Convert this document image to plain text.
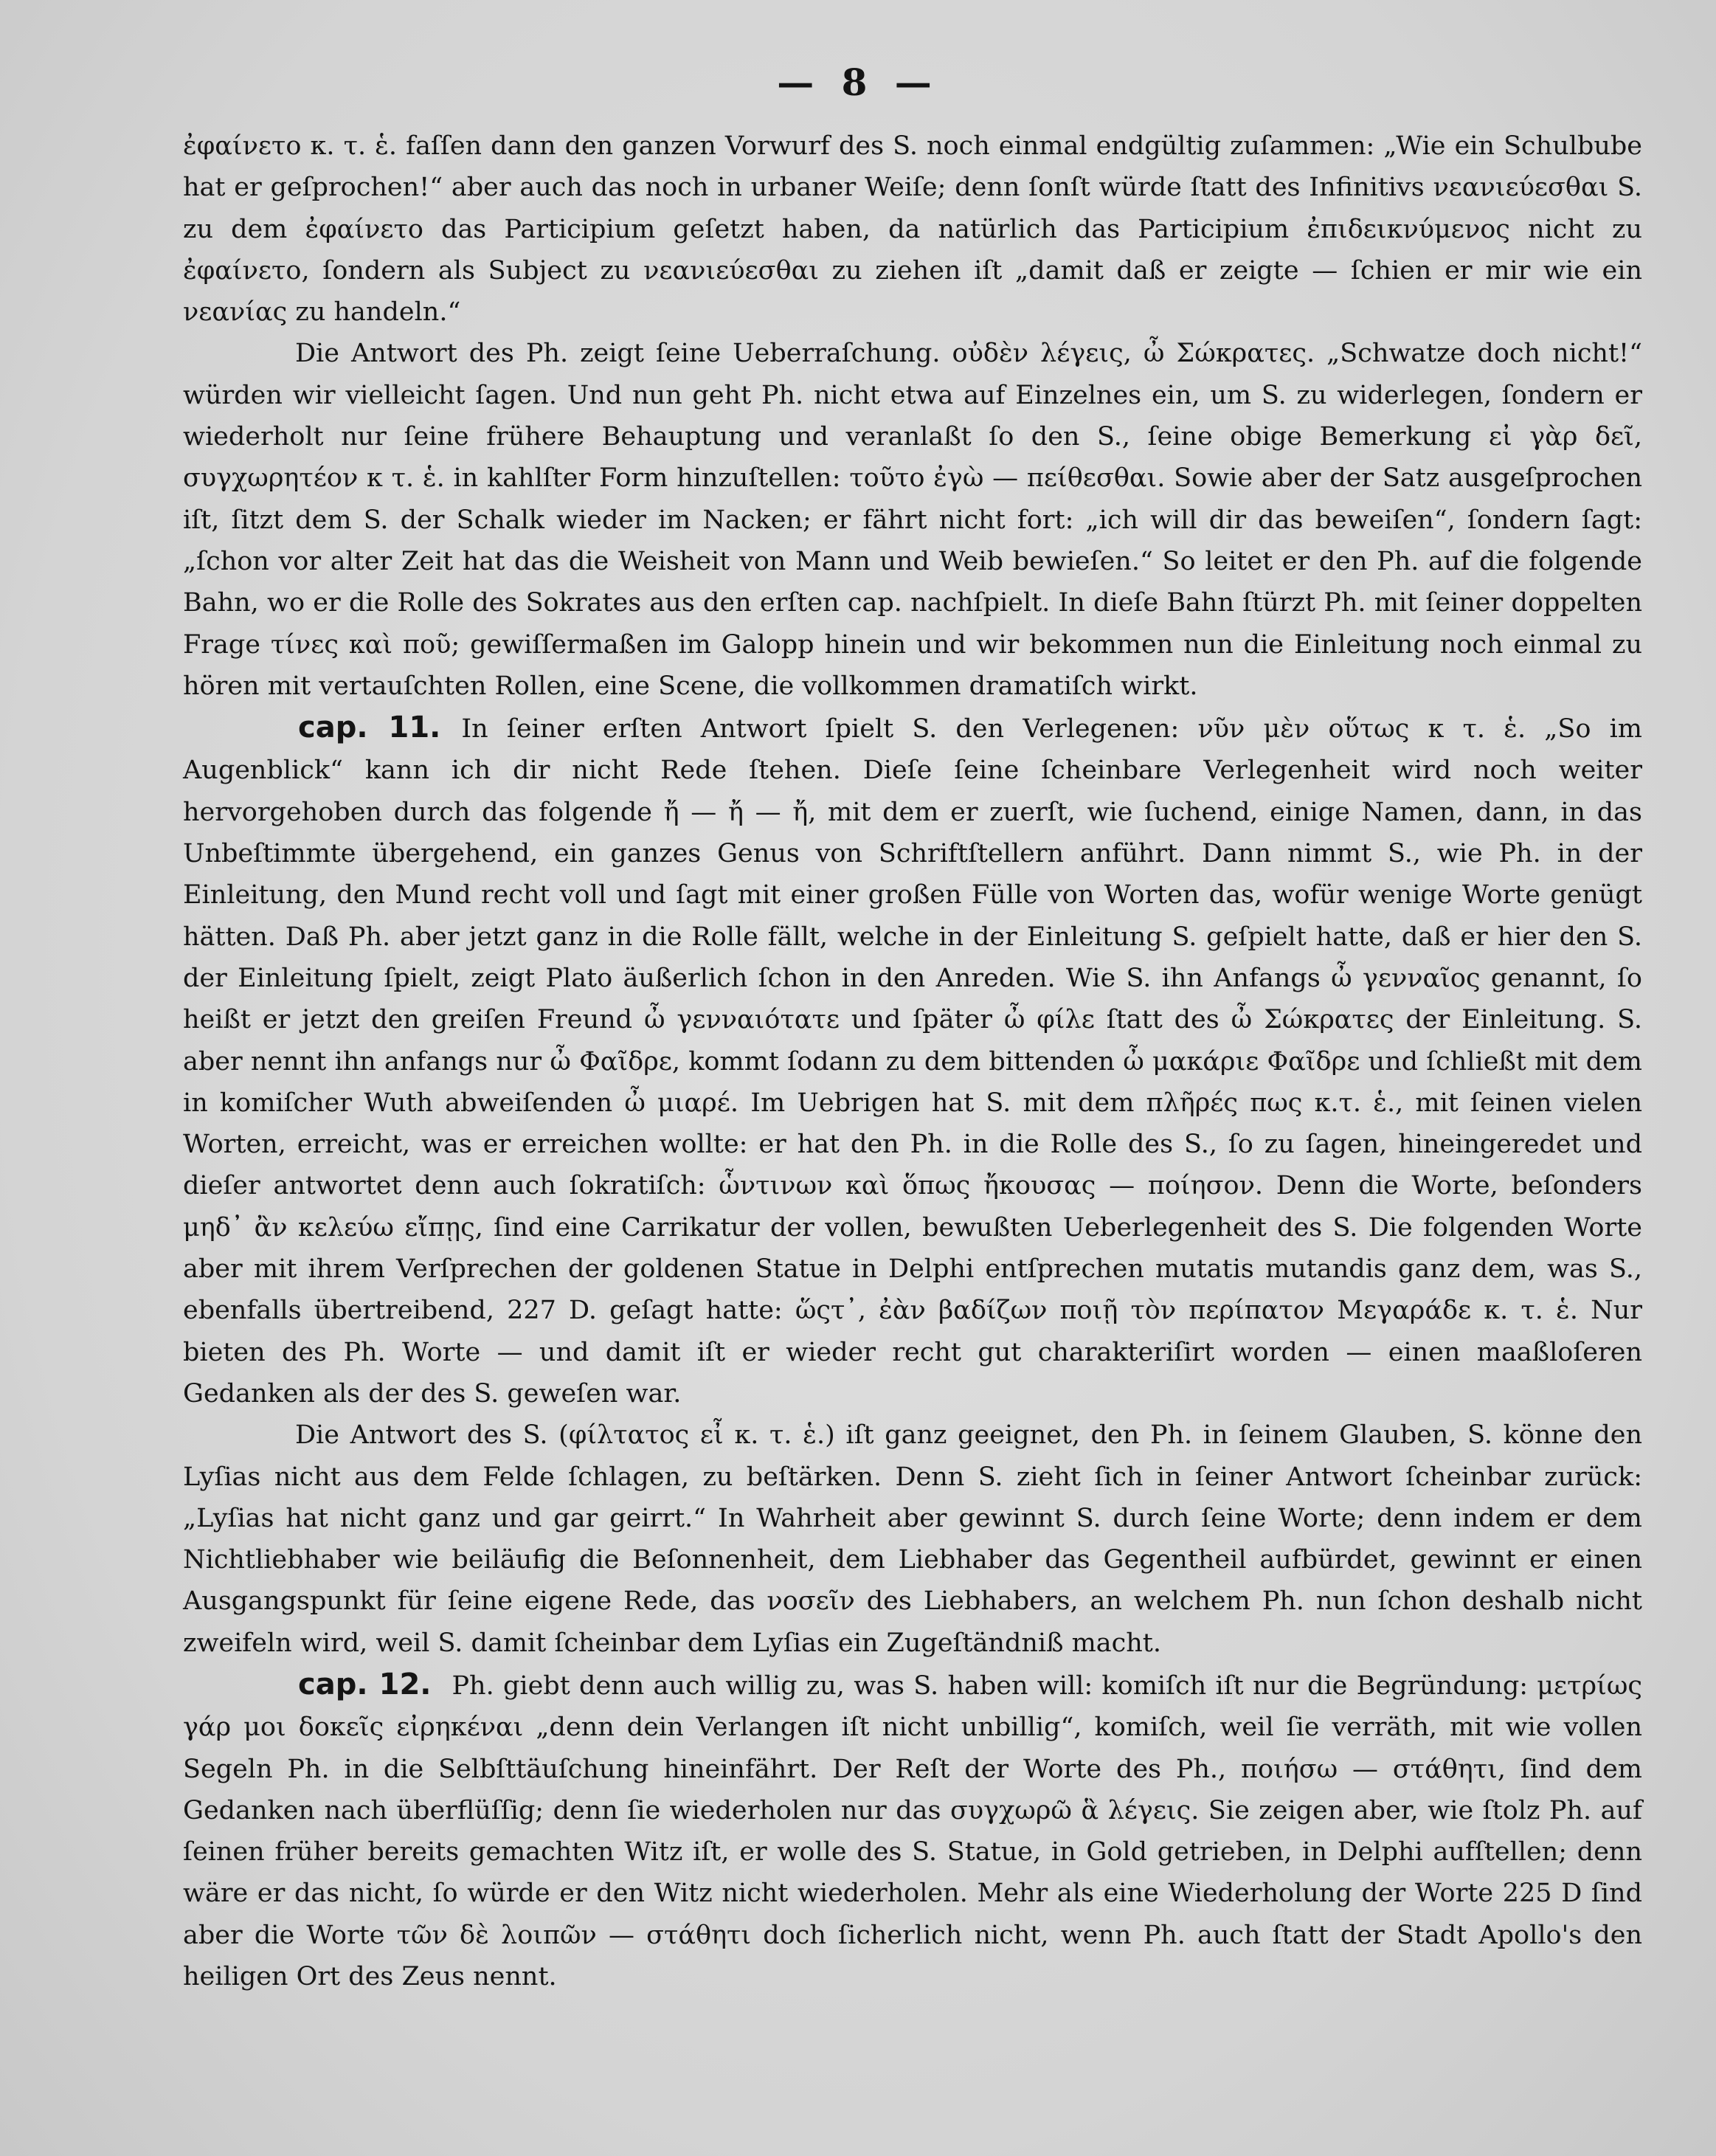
— 8 —

ἐφαίνετο κ. τ. ἑ. faſſen dann den ganzen Vorwurf des S. noch einmal endgültig zuſammen: „Wie ein Schulbube hat er geſprochen!“ aber auch das noch in urbaner Weiſe; denn ſonſt würde ſtatt des Infinitivs νεανιεύεσθαι S. zu dem ἐφαίνετο das Participium geſetzt haben, da natürlich das Participium ἐπιδεικνύμενος nicht zu ἐφαίνετο, ſondern als Subject zu νεανιεύεσθαι zu ziehen iſt „damit daß er zeigte — ſchien er mir wie ein νεανίας zu handeln.“

Die Antwort des Ph. zeigt ſeine Ueberraſchung. οὐδὲν λέγεις, ὦ Σώκρατες. „Schwatze doch nicht!“ würden wir vielleicht ſagen. Und nun geht Ph. nicht etwa auf Einzelnes ein, um S. zu widerlegen, ſondern er wiederholt nur ſeine frühere Behauptung und veranlaßt ſo den S., ſeine obige Bemerkung εἰ γὰρ δεῖ, συγχωρητέον κ τ. ἑ. in kahlſter Form hinzuſtellen: τοῦτο ἐγὼ — πείθεσθαι. Sowie aber der Satz ausgeſprochen iſt, ſitzt dem S. der Schalk wieder im Nacken; er fährt nicht fort: „ich will dir das beweiſen“, ſondern ſagt: „ſchon vor alter Zeit hat das die Weisheit von Mann und Weib bewieſen.“ So leitet er den Ph. auf die folgende Bahn, wo er die Rolle des Sokrates aus den erſten cap. nachſpielt. In dieſe Bahn ſtürzt Ph. mit ſeiner doppelten Frage τίνες καὶ ποῦ; gewiſſermaßen im Galopp hinein und wir bekommen nun die Einleitung noch einmal zu hören mit vertauſchten Rollen, eine Scene, die vollkommen dramatiſch wirkt.

cap. 11. In ſeiner erſten Antwort ſpielt S. den Verlegenen: νῦν μὲν οὕτως κ τ. ἑ. „So im Augenblick“ kann ich dir nicht Rede ſtehen. Dieſe ſeine ſcheinbare Verlegenheit wird noch weiter hervorgehoben durch das folgende ἤ — ἤ — ἤ, mit dem er zuerſt, wie ſuchend, einige Namen, dann, in das Unbeſtimmte übergehend, ein ganzes Genus von Schriftſtellern anführt. Dann nimmt S., wie Ph. in der Einleitung, den Mund recht voll und ſagt mit einer großen Fülle von Worten das, wofür wenige Worte genügt hätten. Daß Ph. aber jetzt ganz in die Rolle fällt, welche in der Einleitung S. geſpielt hatte, daß er hier den S. der Einleitung ſpielt, zeigt Plato äußerlich ſchon in den Anreden. Wie S. ihn Anfangs ὦ γενναῖος genannt, ſo heißt er jetzt den greiſen Freund ὦ γενναιότατε und ſpäter ὦ φίλε ſtatt des ὦ Σώκρατες der Einleitung. S. aber nennt ihn anfangs nur ὦ Φαῖδρε, kommt ſodann zu dem bittenden ὦ μακάριε Φαῖδρε und ſchließt mit dem in komiſcher Wuth abweiſenden ὦ μιαρέ. Im Uebrigen hat S. mit dem πλῆρές πως κ.τ. ἑ., mit ſeinen vielen Worten, erreicht, was er erreichen wollte: er hat den Ph. in die Rolle des S., ſo zu ſagen, hineingeredet und dieſer antwortet denn auch ſokratiſch: ὧντινων καὶ ὅπως ἤκουσας — ποίησον. Denn die Worte, beſonders μηδ᾽ ἂν κελεύω εἴπῃς, ſind eine Carrikatur der vollen, bewußten Ueberlegenheit des S. Die folgenden Worte aber mit ihrem Verſprechen der goldenen Statue in Delphi entſprechen mutatis mutandis ganz dem, was S., ebenfalls übertreibend, 227 D. geſagt hatte: ὥςτ᾽, ἐὰν βαδίζων ποιῇ τὸν περίπατον Μεγαράδε κ. τ. ἑ. Nur bieten des Ph. Worte — und damit iſt er wieder recht gut charakteriſirt worden — einen maaßloſeren Gedanken als der des S. geweſen war.

Die Antwort des S. (φίλτατος εἶ κ. τ. ἑ.) iſt ganz geeignet, den Ph. in ſeinem Glauben, S. könne den Lyſias nicht aus dem Felde ſchlagen, zu beſtärken. Denn S. zieht ſich in ſeiner Antwort ſcheinbar zurück: „Lyſias hat nicht ganz und gar geirrt.“ In Wahrheit aber gewinnt S. durch ſeine Worte; denn indem er dem Nichtliebhaber wie beiläufig die Beſonnenheit, dem Liebhaber das Gegentheil aufbürdet, gewinnt er einen Ausgangspunkt für ſeine eigene Rede, das νοσεῖν des Liebhabers, an welchem Ph. nun ſchon deshalb nicht zweifeln wird, weil S. damit ſcheinbar dem Lyſias ein Zugeſtändniß macht.

cap. 12. Ph. giebt denn auch willig zu, was S. haben will: komiſch iſt nur die Begründung: μετρίως γάρ μοι δοκεῖς εἰρηκέναι „denn dein Verlangen iſt nicht unbillig“, komiſch, weil ſie verräth, mit wie vollen Segeln Ph. in die Selbſttäuſchung hineinfährt. Der Reſt der Worte des Ph., ποιήσω — στάθητι, ſind dem Gedanken nach überflüſſig; denn ſie wiederholen nur das συγχωρῶ ἃ λέγεις. Sie zeigen aber, wie ſtolz Ph. auf ſeinen früher bereits gemachten Witz iſt, er wolle des S. Statue, in Gold getrieben, in Delphi aufſtellen; denn wäre er das nicht, ſo würde er den Witz nicht wiederholen. Mehr als eine Wiederholung der Worte 225 D ſind aber die Worte τῶν δὲ λοιπῶν — στάθητι doch ſicherlich nicht, wenn Ph. auch ſtatt der Stadt Apollo's den heiligen Ort des Zeus nennt.
